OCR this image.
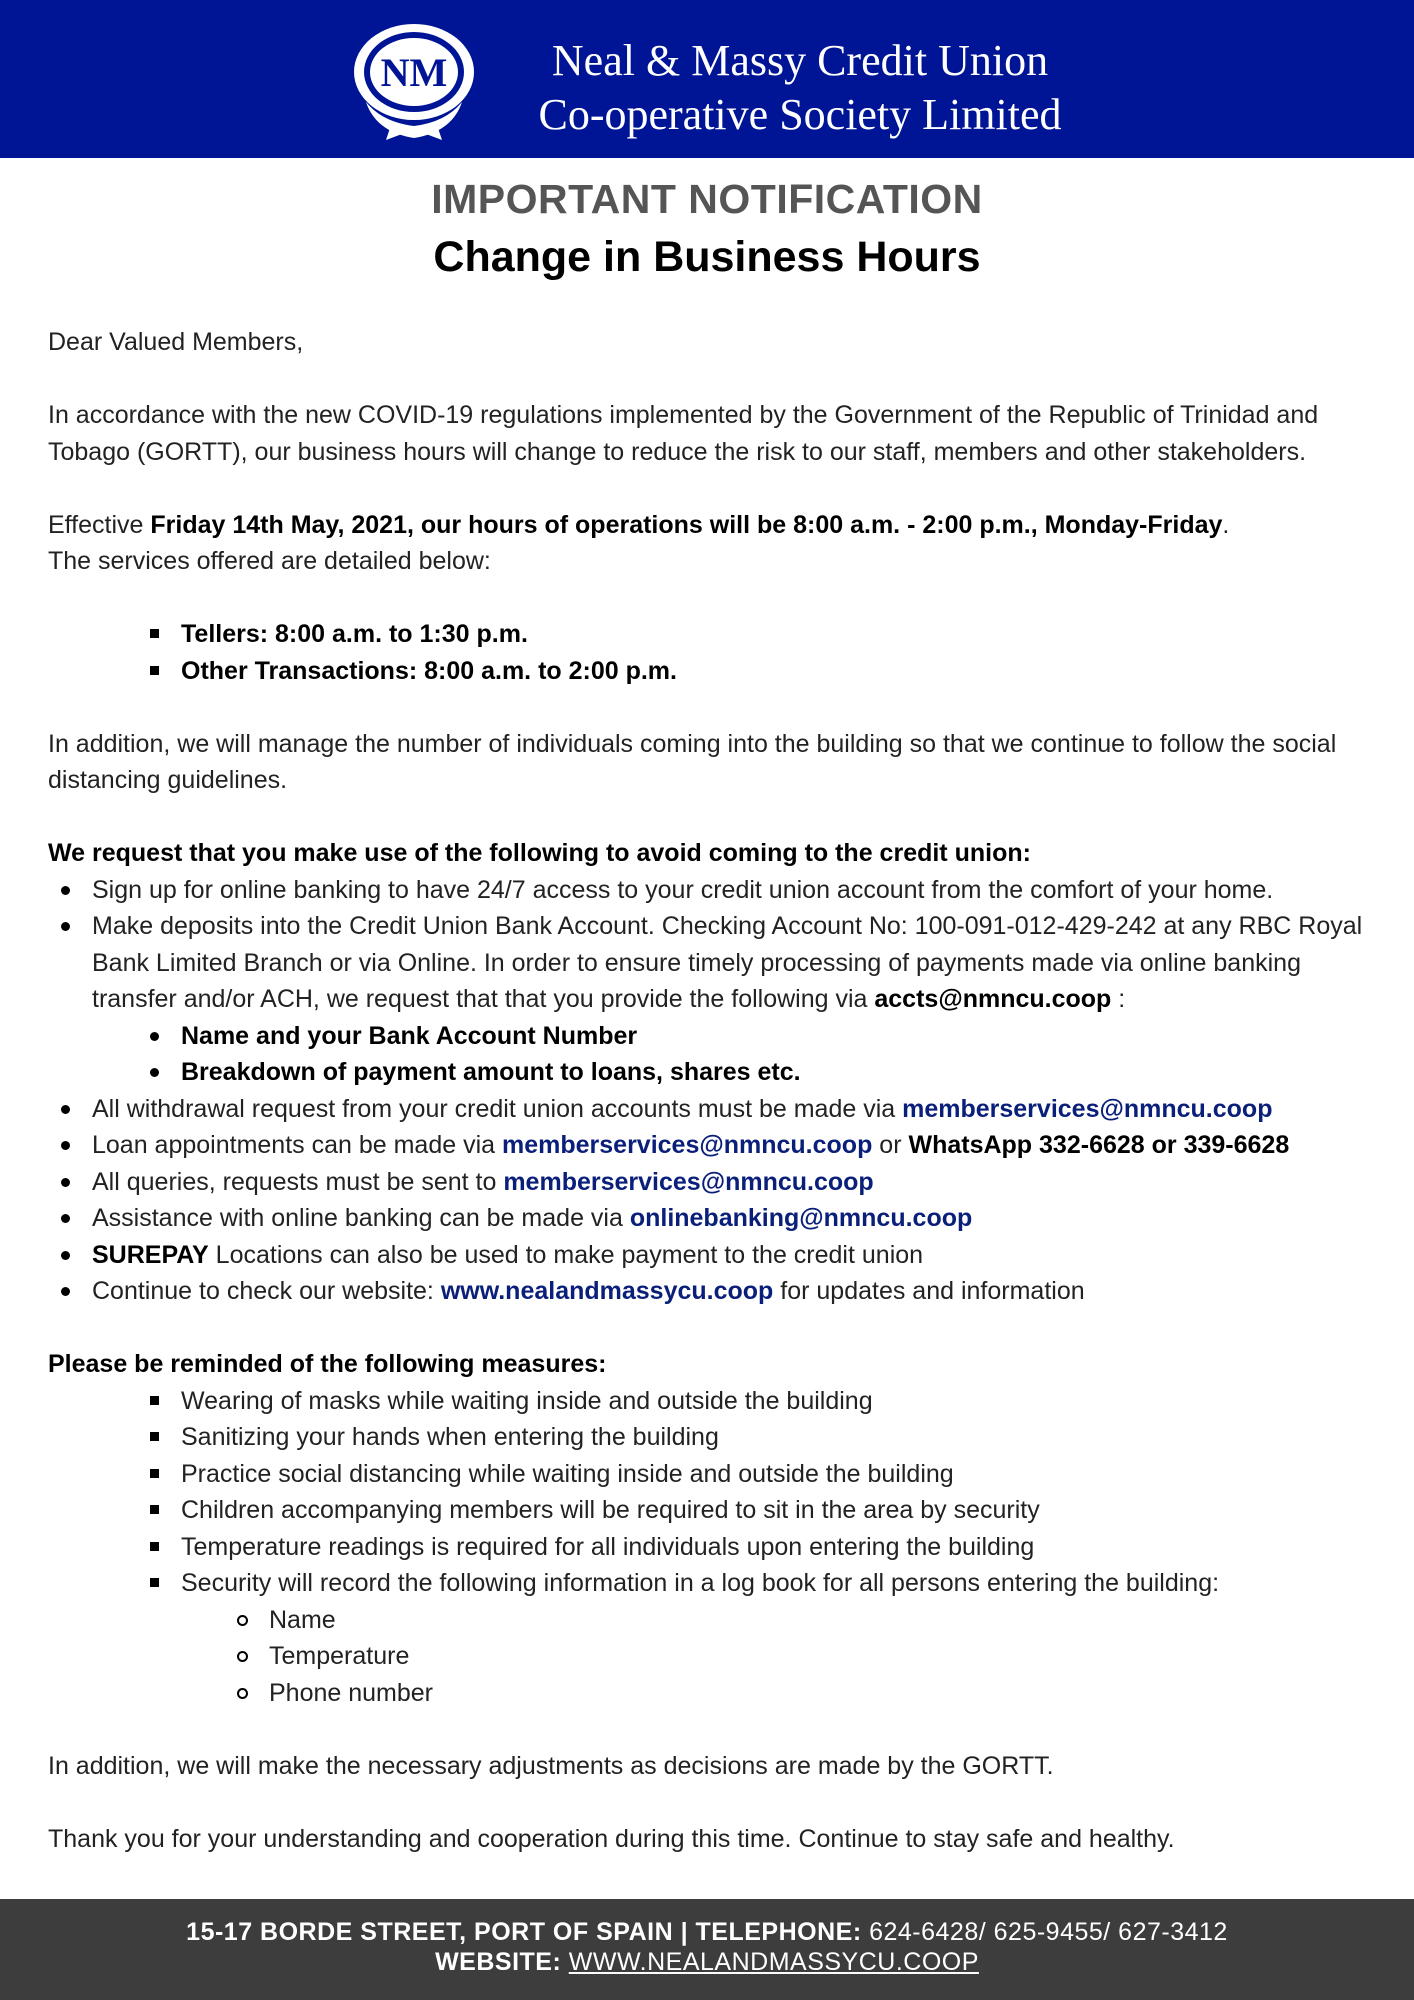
NM	Neal & Massy Credit Union
Co-operative Society Limited
IMPORTANT NOTIFICATION
Change in Business Hours

Dear Valued Members,

In accordance with the new COVID-19 regulations implemented by the Government of the Republic of Trinidad and Tobago (GORTT), our business hours will change to reduce the risk to our staff, members and other stakeholders.

Effective Friday 14th May, 2021, our hours of operations will be 8:00 a.m. - 2:00 p.m., Monday-Friday.
The services offered are detailed below:

Tellers: 8:00 a.m. to 1:30 p.m.
Other Transactions: 8:00 a.m. to 2:00 p.m.

In addition, we will manage the number of individuals coming into the building so that we continue to follow the social distancing guidelines.

We request that you make use of the following to avoid coming to the credit union:

Sign up for online banking to have 24/7 access to your credit union account from the comfort of your home.
Make deposits into the Credit Union Bank Account. Checking Account No: 100-091-012-429-242 at any RBC Royal Bank Limited Branch or via Online. In order to ensure timely processing of payments made via online banking transfer and/or ACH, we request that that you provide the following via accts@nmncu.coop :
Name and your Bank Account Number
Breakdown of payment amount to loans, shares etc.
All withdrawal request from your credit union accounts must be made via memberservices@nmncu.coop
Loan appointments can be made via memberservices@nmncu.coop or WhatsApp 332-6628 or 339-6628
All queries, requests must be sent to memberservices@nmncu.coop
Assistance with online banking can be made via onlinebanking@nmncu.coop
SUREPAY Locations can also be used to make payment to the credit union
Continue to check our website: www.nealandmassycu.coop for updates and information

Please be reminded of the following measures:

Wearing of masks while waiting inside and outside the building
Sanitizing your hands when entering the building
Practice social distancing while waiting inside and outside the building
Children accompanying members will be required to sit in the area by security
Temperature readings is required for all individuals upon entering the building
Security will record the following information in a log book for all persons entering the building:
Name
Temperature
Phone number

In addition, we will make the necessary adjustments as decisions are made by the GORTT.

Thank you for your understanding and cooperation during this time. Continue to stay safe and healthy.

15-17 BORDE STREET, PORT OF SPAIN | TELEPHONE: 624-6428/ 625-9455/ 627-3412
WEBSITE: WWW.NEALANDMASSYCU.COOP
